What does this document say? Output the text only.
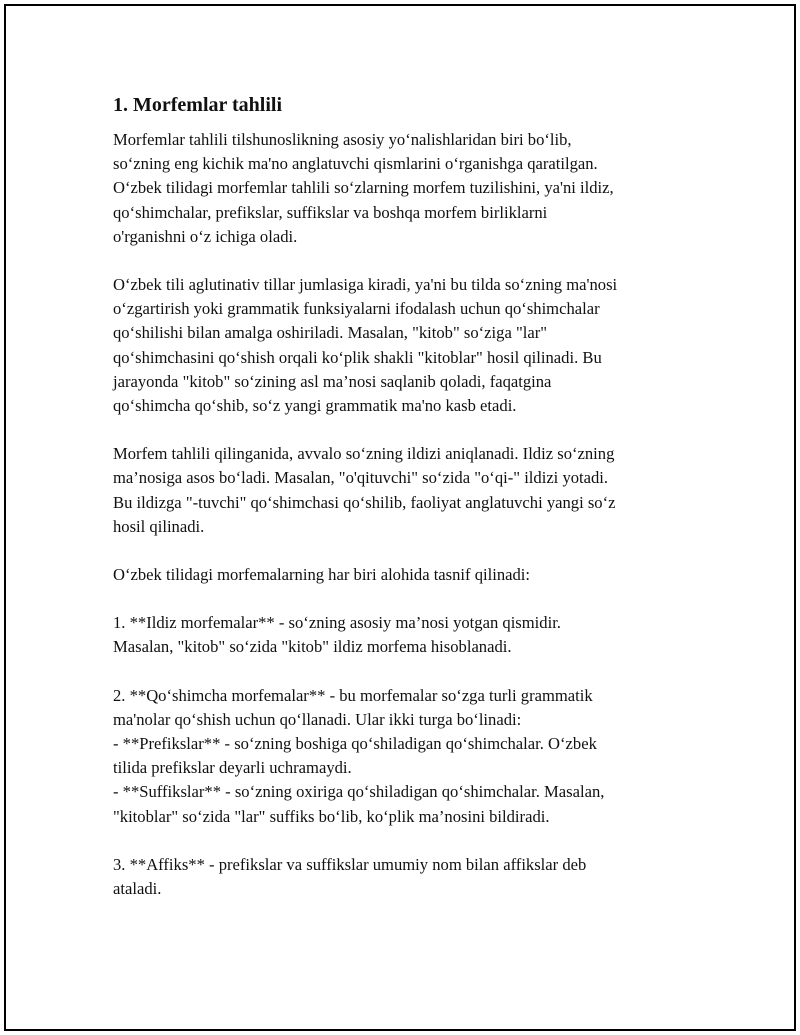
1. Morfemlar tahlili
Morfemlar tahlili tilshunoslikning asosiy yo‘nalishlaridan biri bo‘lib,
so‘zning eng kichik ma'no anglatuvchi qismlarini o‘rganishga qaratilgan.
O‘zbek tilidagi morfemlar tahlili so‘zlarning morfem tuzilishini, ya'ni ildiz,
qo‘shimchalar, prefikslar, suffikslar va boshqa morfem birliklarni
o'rganishni o‘z ichiga oladi.
O‘zbek tili aglutinativ tillar jumlasiga kiradi, ya'ni bu tilda so‘zning ma'nosi
o‘zgartirish yoki grammatik funksiyalarni ifodalash uchun qo‘shimchalar
qo‘shilishi bilan amalga oshiriladi. Masalan, "kitob" so‘ziga "lar"
qo‘shimchasini qo‘shish orqali ko‘plik shakli "kitoblar" hosil qilinadi. Bu
jarayonda "kitob" so‘zining asl ma’nosi saqlanib qoladi, faqatgina
qo‘shimcha qo‘shib, so‘z yangi grammatik ma'no kasb etadi.
Morfem tahlili qilinganida, avvalo so‘zning ildizi aniqlanadi. Ildiz so‘zning
ma’nosiga asos bo‘ladi. Masalan, "o'qituvchi" so‘zida "o‘qi-" ildizi yotadi.
Bu ildizga "-tuvchi" qo‘shimchasi qo‘shilib, faoliyat anglatuvchi yangi so‘z
hosil qilinadi.
O‘zbek tilidagi morfemalarning har biri alohida tasnif qilinadi:
1. **Ildiz morfemalar** - so‘zning asosiy ma’nosi yotgan qismidir.
Masalan, "kitob" so‘zida "kitob" ildiz morfema hisoblanadi.
2. **Qo‘shimcha morfemalar** - bu morfemalar so‘zga turli grammatik
ma'nolar qo‘shish uchun qo‘llanadi. Ular ikki turga bo‘linadi:
- **Prefikslar** - so‘zning boshiga qo‘shiladigan qo‘shimchalar. O‘zbek
tilida prefikslar deyarli uchramaydi.
- **Suffikslar** - so‘zning oxiriga qo‘shiladigan qo‘shimchalar. Masalan,
"kitoblar" so‘zida "lar" suffiks bo‘lib, ko‘plik ma’nosini bildiradi.
3. **Affiks** - prefikslar va suffikslar umumiy nom bilan affikslar deb
ataladi.
